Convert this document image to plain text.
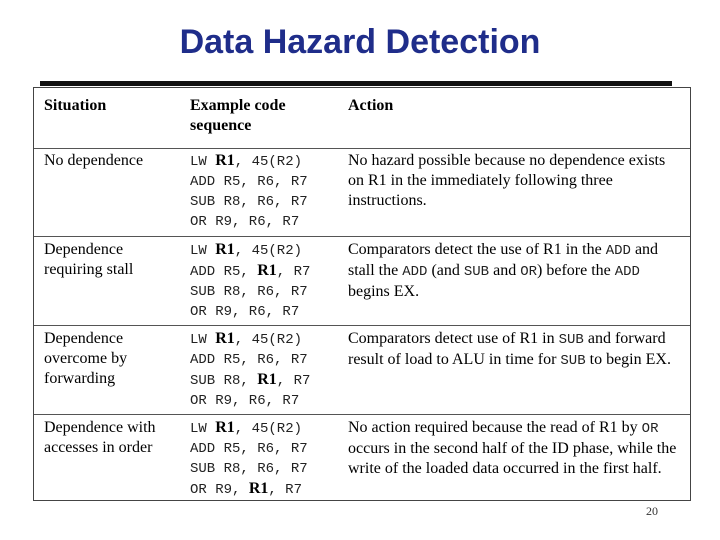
Data Hazard Detection
Situation	Example code sequence
Action
No dependence	LW R1, 45(R2)
ADD R5, R6, R7
SUB R8, R6, R7
OR R9, R6, R7
No hazard possible because no dependence exists on R1 in the immediately following three instructions.
Dependence requiring stall
LW R1, 45(R2)
ADD R5, R1, R7
SUB R8, R6, R7
OR R9, R6, R7
Comparators detect the use of R1 in the ADD and stall the ADD (and SUB and OR) before the ADD begins EX.
Dependence overcome by forwarding
LW R1, 45(R2)
ADD R5, R6, R7
SUB R8, R1, R7
OR R9, R6, R7
Comparators detect use of R1 in SUB and forward result of load to ALU in time for SUB to begin EX.
Dependence with accesses in order
LW R1, 45(R2)
ADD R5, R6, R7
SUB R8, R6, R7
OR R9, R1, R7
No action required because the read of R1 by OR occurs in the second half of the ID phase, while the write of the loaded data occurred in the first half.
20
